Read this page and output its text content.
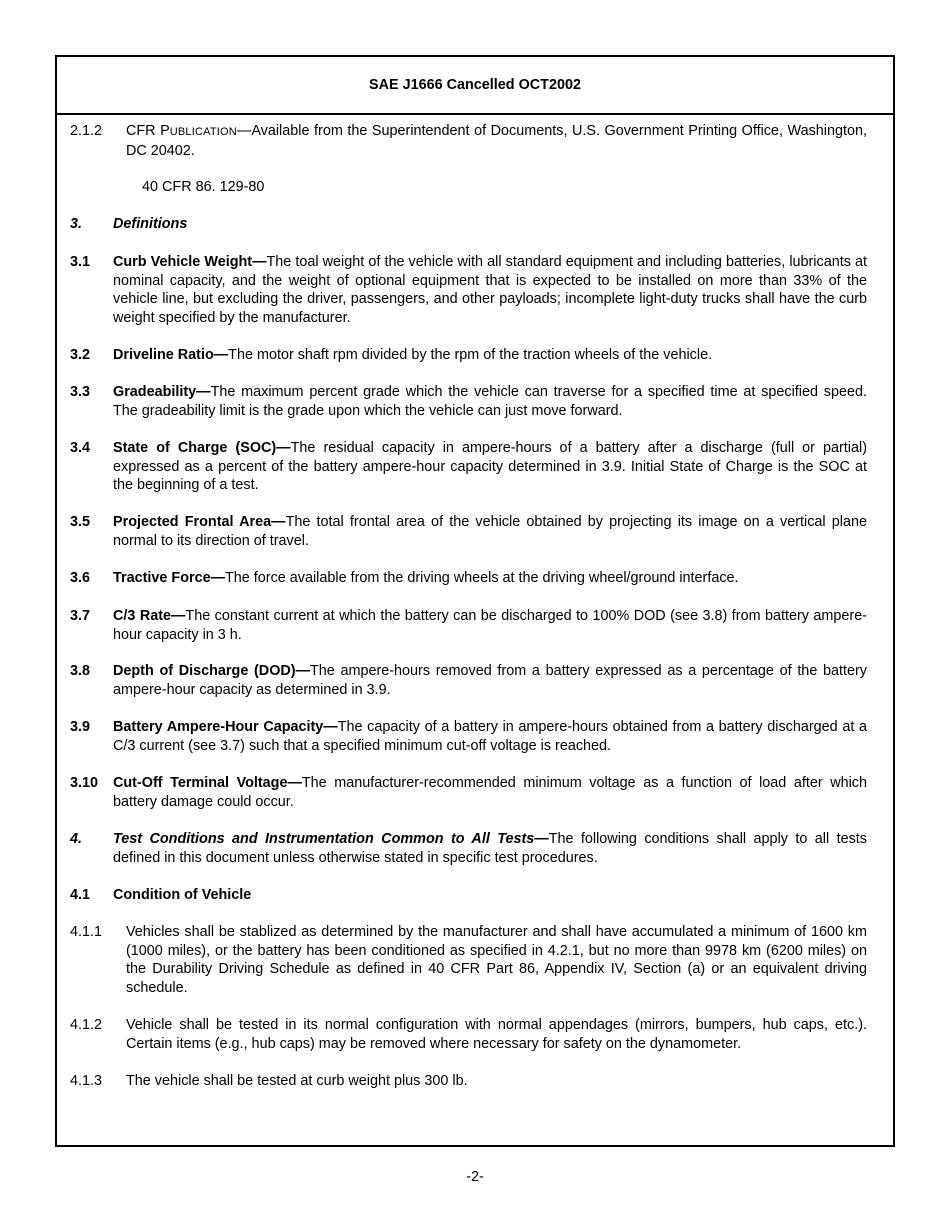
SAE J1666 Cancelled OCT2002
2.1.2 CFR PUBLICATION—Available from the Superintendent of Documents, U.S. Government Printing Office, Washington, DC 20402.
40 CFR 86. 129-80
3. Definitions
3.1 Curb Vehicle Weight—The toal weight of the vehicle with all standard equipment and including batteries, lubricants at nominal capacity, and the weight of optional equipment that is expected to be installed on more than 33% of the vehicle line, but excluding the driver, passengers, and other payloads; incomplete light-duty trucks shall have the curb weight specified by the manufacturer.
3.2 Driveline Ratio—The motor shaft rpm divided by the rpm of the traction wheels of the vehicle.
3.3 Gradeability—The maximum percent grade which the vehicle can traverse for a specified time at specified speed. The gradeability limit is the grade upon which the vehicle can just move forward.
3.4 State of Charge (SOC)—The residual capacity in ampere-hours of a battery after a discharge (full or partial) expressed as a percent of the battery ampere-hour capacity determined in 3.9. Initial State of Charge is the SOC at the beginning of a test.
3.5 Projected Frontal Area—The total frontal area of the vehicle obtained by projecting its image on a vertical plane normal to its direction of travel.
3.6 Tractive Force—The force available from the driving wheels at the driving wheel/ground interface.
3.7 C/3 Rate—The constant current at which the battery can be discharged to 100% DOD (see 3.8) from battery ampere-hour capacity in 3 h.
3.8 Depth of Discharge (DOD)—The ampere-hours removed from a battery expressed as a percentage of the battery ampere-hour capacity as determined in 3.9.
3.9 Battery Ampere-Hour Capacity—The capacity of a battery in ampere-hours obtained from a battery discharged at a C/3 current (see 3.7) such that a specified minimum cut-off voltage is reached.
3.10 Cut-Off Terminal Voltage—The manufacturer-recommended minimum voltage as a function of load after which battery damage could occur.
4. Test Conditions and Instrumentation Common to All Tests—The following conditions shall apply to all tests defined in this document unless otherwise stated in specific test procedures.
4.1 Condition of Vehicle
4.1.1 Vehicles shall be stablized as determined by the manufacturer and shall have accumulated a minimum of 1600 km (1000 miles), or the battery has been conditioned as specified in 4.2.1, but no more than 9978 km (6200 miles) on the Durability Driving Schedule as defined in 40 CFR Part 86, Appendix IV, Section (a) or an equivalent driving schedule.
4.1.2 Vehicle shall be tested in its normal configuration with normal appendages (mirrors, bumpers, hub caps, etc.). Certain items (e.g., hub caps) may be removed where necessary for safety on the dynamometer.
4.1.3 The vehicle shall be tested at curb weight plus 300 lb.
-2-
